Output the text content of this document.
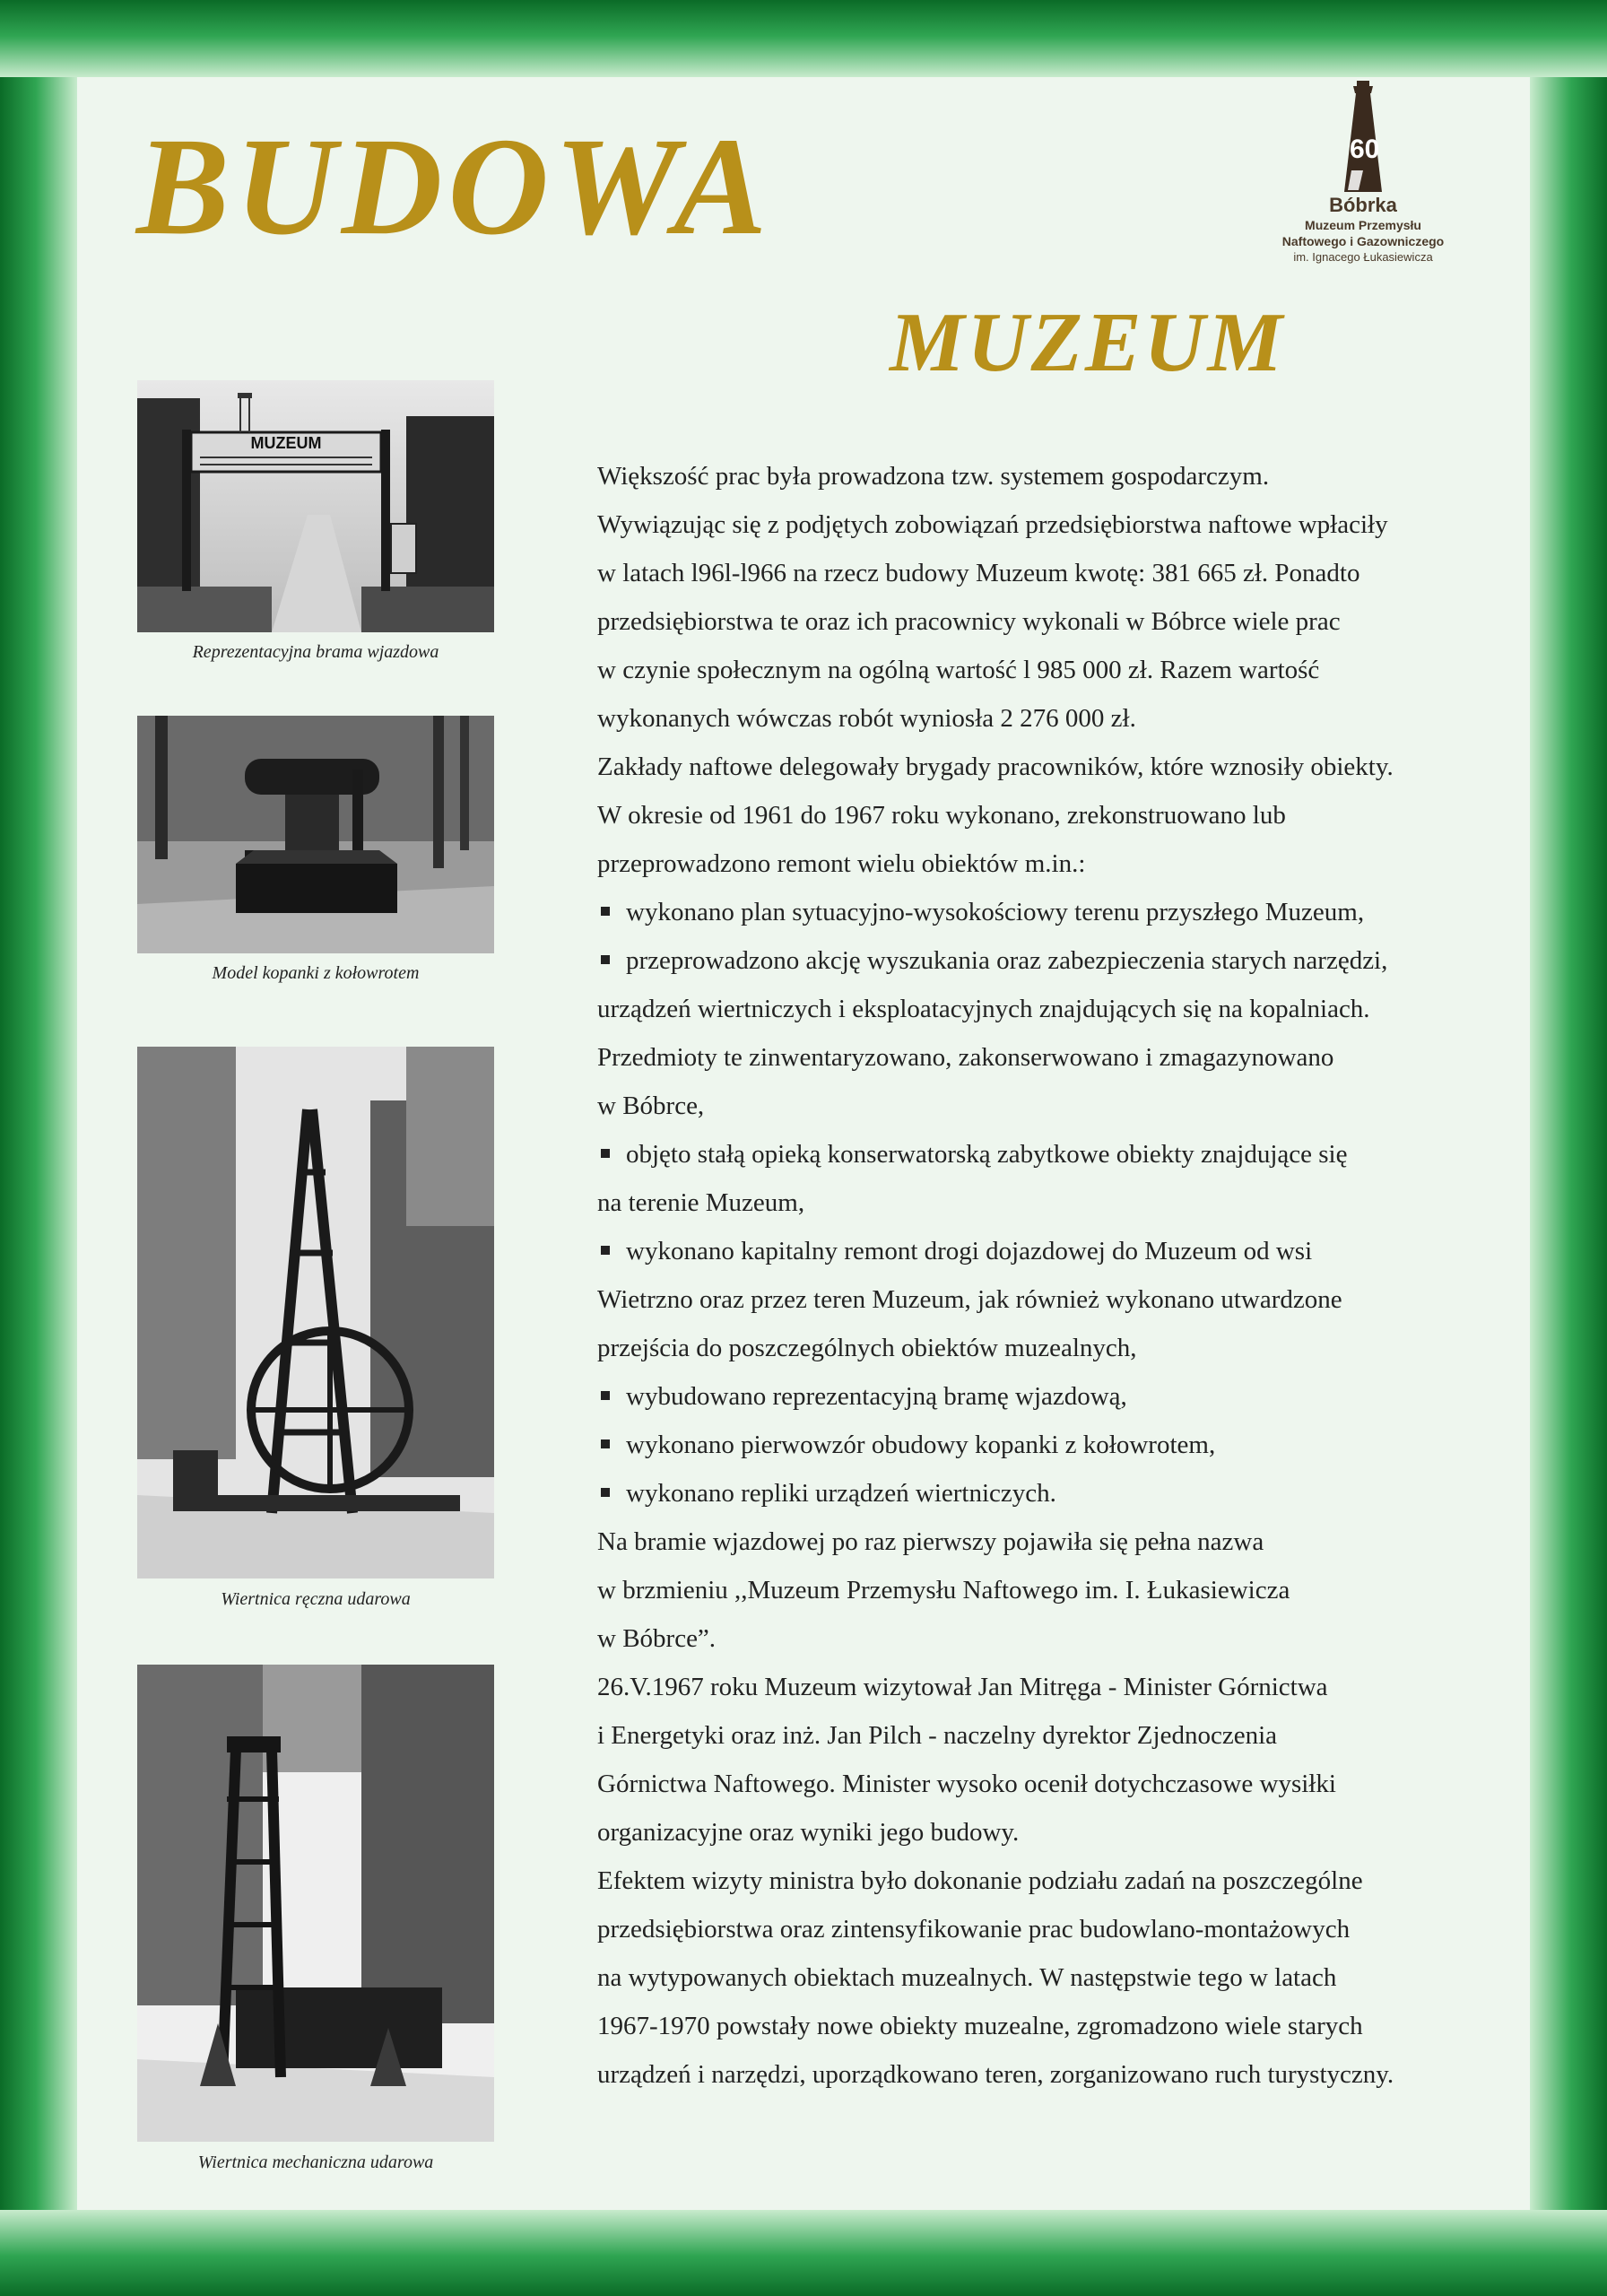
BUDOWA
MUZEUM
60
Bóbrka
Muzeum Przemysłu
Naftowego i Gazowniczego
im. Ignacego Łukasiewicza
MUZEUM
Reprezentacyjna brama wjazdowa
Model kopanki z kołowrotem
Wiertnica ręczna udarowa
Wiertnica mechaniczna udarowa
Większość prac była prowadzona tzw. systemem gospodarczym.
Wywiązując się z podjętych zobowiązań przedsiębiorstwa naftowe wpłaciły
w latach l96l-l966 na rzecz budowy Muzeum kwotę: 381 665 zł. Ponadto
przedsiębiorstwa te oraz ich pracownicy wykonali w Bóbrce wiele prac
w czynie społecznym na ogólną wartość l 985 000 zł. Razem wartość
wykonanych wówczas robót wyniosła 2 276 000 zł.
Zakłady naftowe delegowały brygady pracowników, które wznosiły obiekty.
W okresie od 1961 do 1967 roku wykonano, zrekonstruowano lub
przeprowadzono remont wielu obiektów m.in.:
wykonano plan sytuacyjno-wysokościowy terenu przyszłego Muzeum,
przeprowadzono akcję wyszukania oraz zabezpieczenia starych narzędzi,
urządzeń wiertniczych i eksploatacyjnych znajdujących się na kopalniach.
Przedmioty te zinwentaryzowano, zakonserwowano i zmagazynowano
w Bóbrce,
objęto stałą opieką konserwatorską zabytkowe obiekty znajdujące się
na terenie Muzeum,
wykonano kapitalny remont drogi dojazdowej do Muzeum od wsi
Wietrzno oraz przez teren Muzeum, jak również wykonano utwardzone
przejścia do poszczególnych obiektów muzealnych,
wybudowano reprezentacyjną bramę wjazdową,
wykonano pierwowzór obudowy kopanki z kołowrotem,
wykonano repliki urządzeń wiertniczych.
Na bramie wjazdowej po raz pierwszy pojawiła się pełna nazwa
w brzmieniu ,,Muzeum Przemysłu Naftowego im. I. Łukasiewicza
w Bóbrce”.
26.V.1967 roku Muzeum wizytował Jan Mitręga - Minister Górnictwa
i Energetyki oraz inż. Jan Pilch - naczelny dyrektor Zjednoczenia
Górnictwa Naftowego. Minister wysoko ocenił dotychczasowe wysiłki
organizacyjne oraz wyniki jego budowy.
Efektem wizyty ministra było dokonanie podziału zadań na poszczególne
przedsiębiorstwa oraz zintensyfikowanie prac budowlano-montażowych
na wytypowanych obiektach muzealnych. W następstwie tego w latach
1967-1970 powstały nowe obiekty muzealne, zgromadzono wiele starych
urządzeń i narzędzi, uporządkowano teren, zorganizowano ruch turystyczny.
